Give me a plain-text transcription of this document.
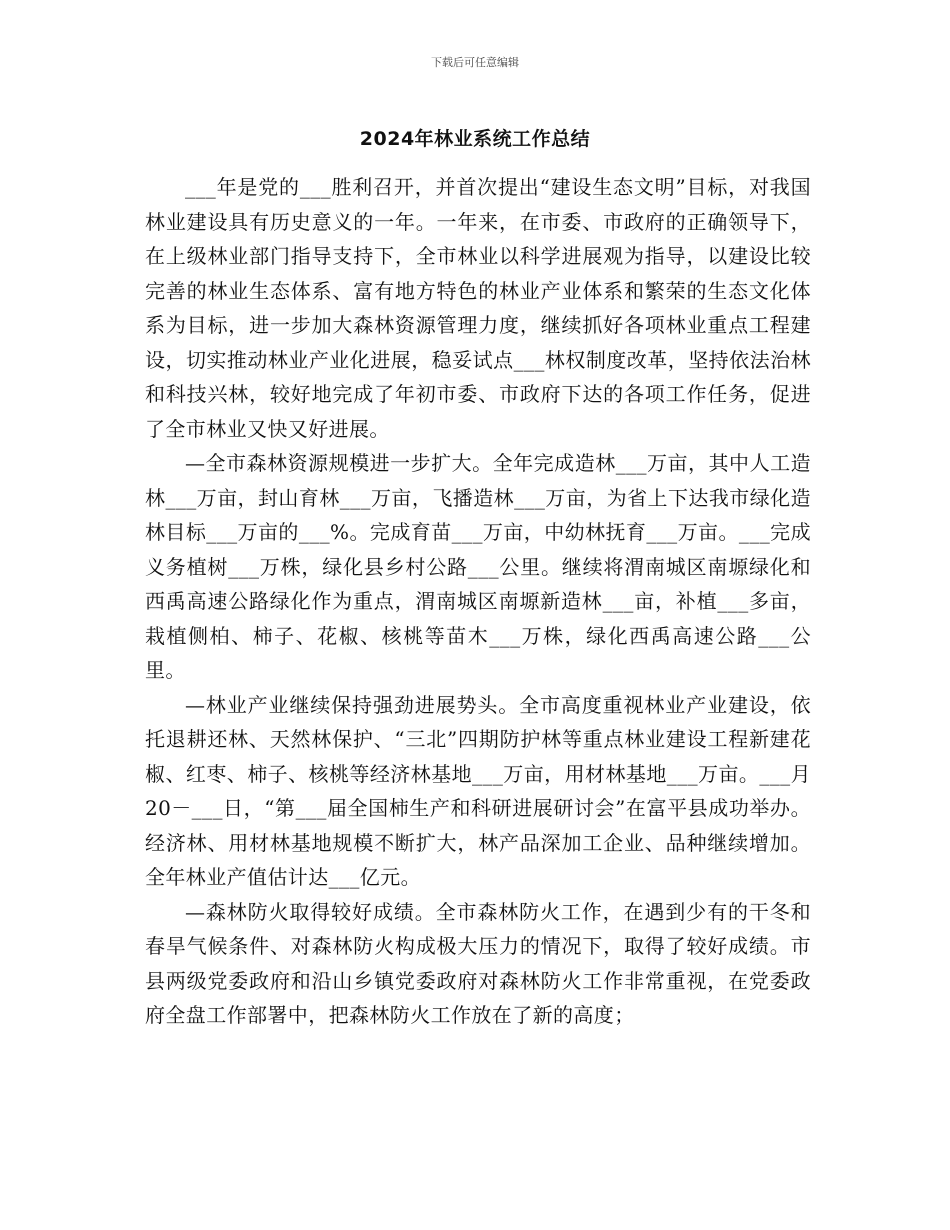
下载后可任意编辑
2024年林业系统工作总结

___年是党的___胜利召开，并首次提出“建设生态文明”目标，对我国林业建设具有历史意义的一年。一年来，在市委、市政府的正确领导下，在上级林业部门指导支持下，全市林业以科学进展观为指导，以建设比较完善的林业生态体系、富有地方特色的林业产业体系和繁荣的生态文化体系为目标，进一步加大森林资源管理力度，继续抓好各项林业重点工程建设，切实推动林业产业化进展，稳妥试点___林权制度改革，坚持依法治林和科技兴林，较好地完成了年初市委、市政府下达的各项工作任务，促进了全市林业又快又好进展。

—全市森林资源规模进一步扩大。全年完成造林___万亩，其中人工造林___万亩，封山育林___万亩，飞播造林___万亩，为省上下达我市绿化造林目标___万亩的___%。完成育苗___万亩，中幼林抚育___万亩。___完成义务植树___万株，绿化县乡村公路___公里。继续将渭南城区南塬绿化和西禹高速公路绿化作为重点，渭南城区南塬新造林___亩，补植___多亩，栽植侧柏、柿子、花椒、核桃等苗木___万株，绿化西禹高速公路___公里。

—林业产业继续保持强劲进展势头。全市高度重视林业产业建设，依托退耕还林、天然林保护、“三北”四期防护林等重点林业建设工程新建花椒、红枣、柿子、核桃等经济林基地___万亩，用材林基地___万亩。___月20－___日，“第___届全国柿生产和科研进展研讨会”在富平县成功举办。经济林、用材林基地规模不断扩大，林产品深加工企业、品种继续增加。全年林业产值估计达___亿元。

—森林防火取得较好成绩。全市森林防火工作，在遇到少有的干冬和春旱气候条件、对森林防火构成极大压力的情况下，取得了较好成绩。市县两级党委政府和沿山乡镇党委政府对森林防火工作非常重视，在党委政府全盘工作部署中，把森林防火工作放在了新的高度；
